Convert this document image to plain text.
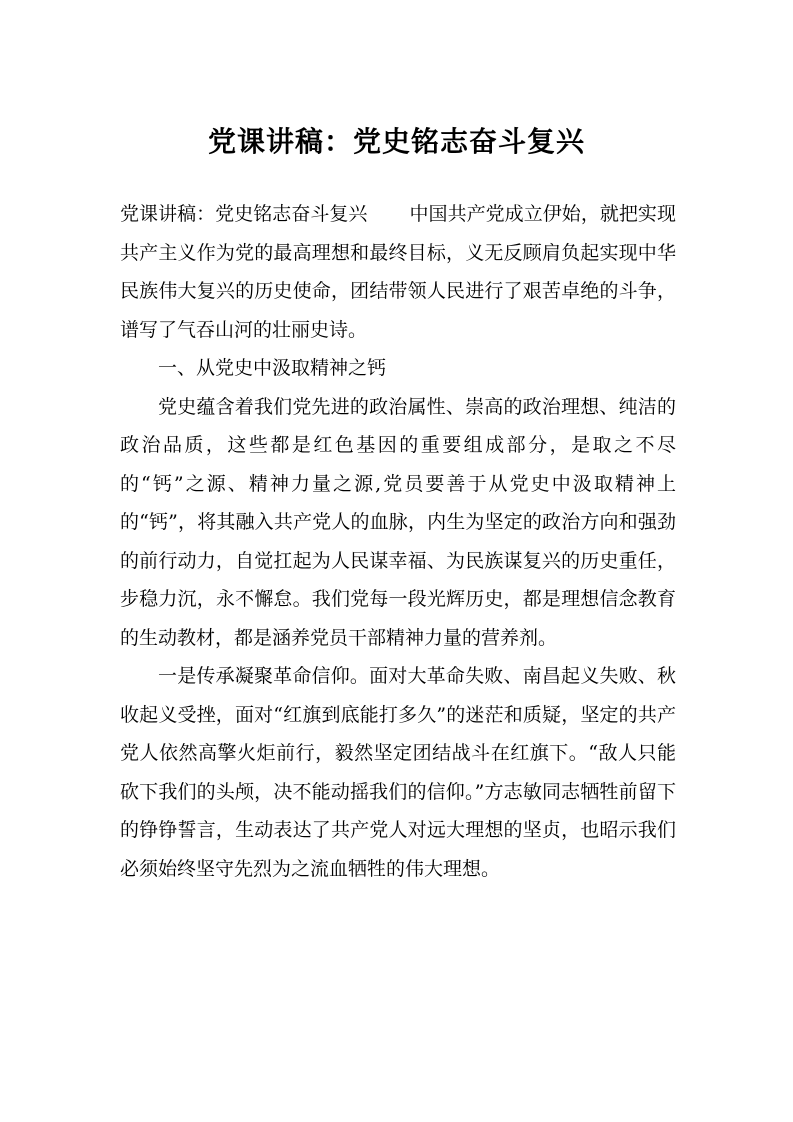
党课讲稿：党史铭志奋斗复兴

党课讲稿：党史铭志奋斗复兴 中国共产党成立伊始，就把实现共产主义作为党的最高理想和最终目标，义无反顾肩负起实现中华民族伟大复兴的历史使命，团结带领人民进行了艰苦卓绝的斗争，谱写了气吞山河的壮丽史诗。

一、从党史中汲取精神之钙

党史蕴含着我们党先进的政治属性、崇高的政治理想、纯洁的政治品质，这些都是红色基因的重要组成部分，是取之不尽的“钙”之源、精神力量之源,党员要善于从党史中汲取精神上的“钙”，将其融入共产党人的血脉，内生为坚定的政治方向和强劲的前行动力，自觉扛起为人民谋幸福、为民族谋复兴的历史重任，步稳力沉，永不懈怠。我们党每一段光辉历史，都是理想信念教育的生动教材，都是涵养党员干部精神力量的营养剂。

一是传承凝聚革命信仰。面对大革命失败、南昌起义失败、秋收起义受挫，面对“红旗到底能打多久”的迷茫和质疑，坚定的共产党人依然高擎火炬前行，毅然坚定团结战斗在红旗下。“敌人只能砍下我们的头颅，决不能动摇我们的信仰。”方志敏同志牺牲前留下的铮铮誓言，生动表达了共产党人对远大理想的坚贞，也昭示我们必须始终坚守先烈为之流血牺牲的伟大理想。
